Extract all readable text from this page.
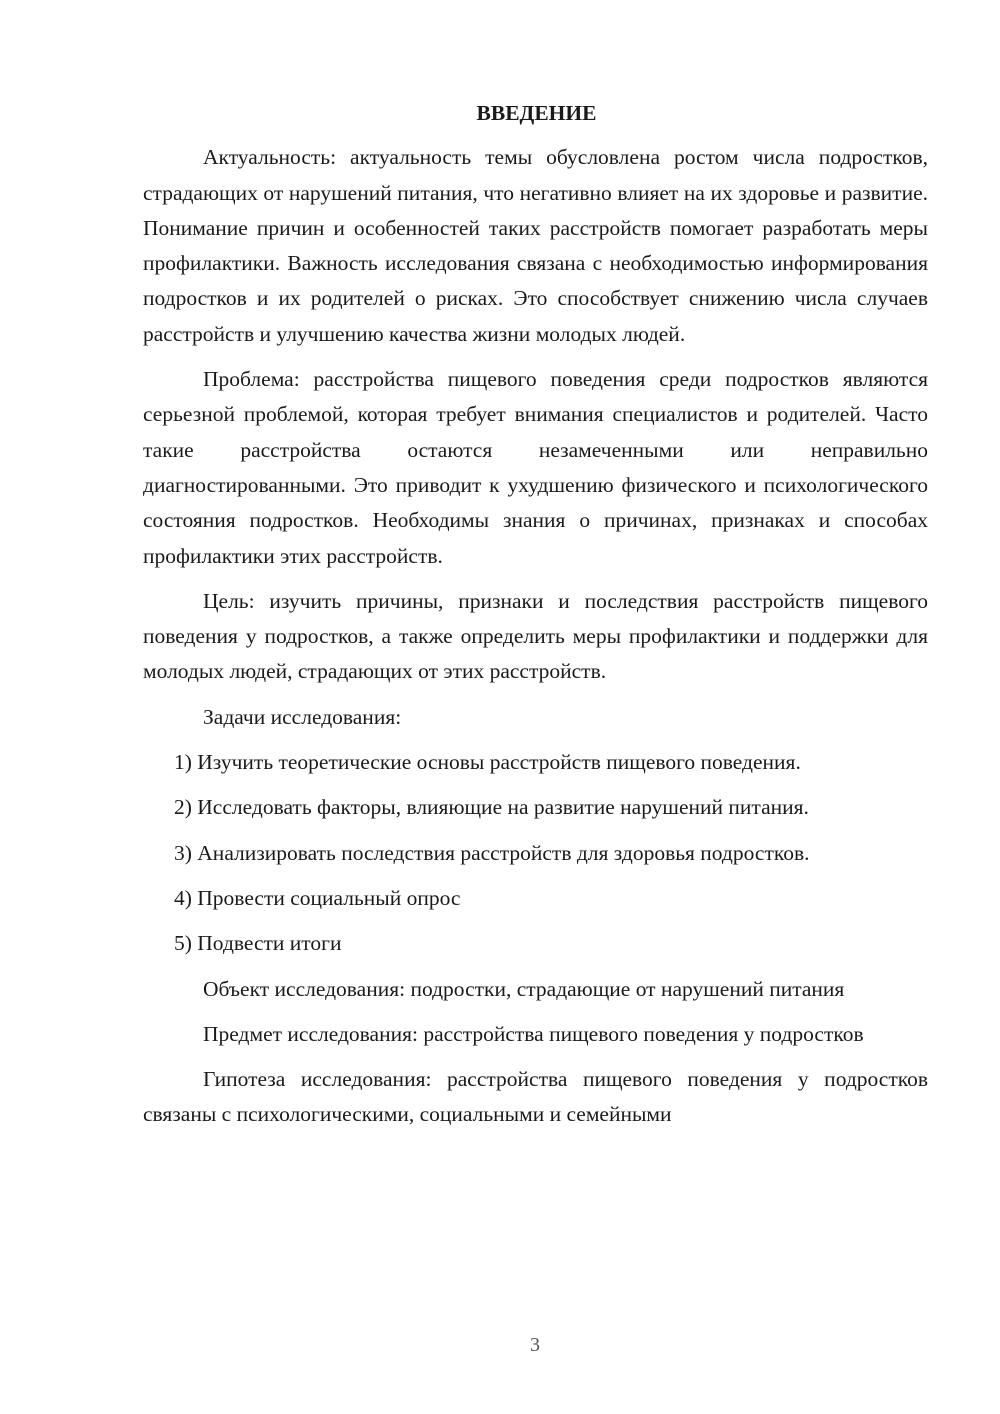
ВВЕДЕНИЕ

Актуальность: актуальность темы обусловлена ростом числа подростков, страдающих от нарушений питания, что негативно влияет на их здоровье и развитие. Понимание причин и особенностей таких расстройств помогает разработать меры профилактики. Важность исследования связана с необходимостью информирования подростков и их родителей о рисках. Это способствует снижению числа случаев расстройств и улучшению качества жизни молодых людей.

Проблема: расстройства пищевого поведения среди подростков являются серьезной проблемой, которая требует внимания специалистов и родителей. Часто такие расстройства остаются незамеченными или неправильно диагностированными. Это приводит к ухудшению физического и психологического состояния подростков. Необходимы знания о причинах, признаках и способах профилактики этих расстройств.

Цель: изучить причины, признаки и последствия расстройств пищевого поведения у подростков, а также определить меры профилактики и поддержки для молодых людей, страдающих от этих расстройств.

Задачи исследования:

1) Изучить теоретические основы расстройств пищевого поведения.
2) Исследовать факторы, влияющие на развитие нарушений питания.
3) Анализировать последствия расстройств для здоровья подростков.
4) Провести социальный опрос
5) Подвести итоги

Объект исследования: подростки, страдающие от нарушений питания

Предмет исследования: расстройства пищевого поведения у подростков

Гипотеза исследования: расстройства пищевого поведения у подростков связаны с психологическими, социальными и семейными

3
